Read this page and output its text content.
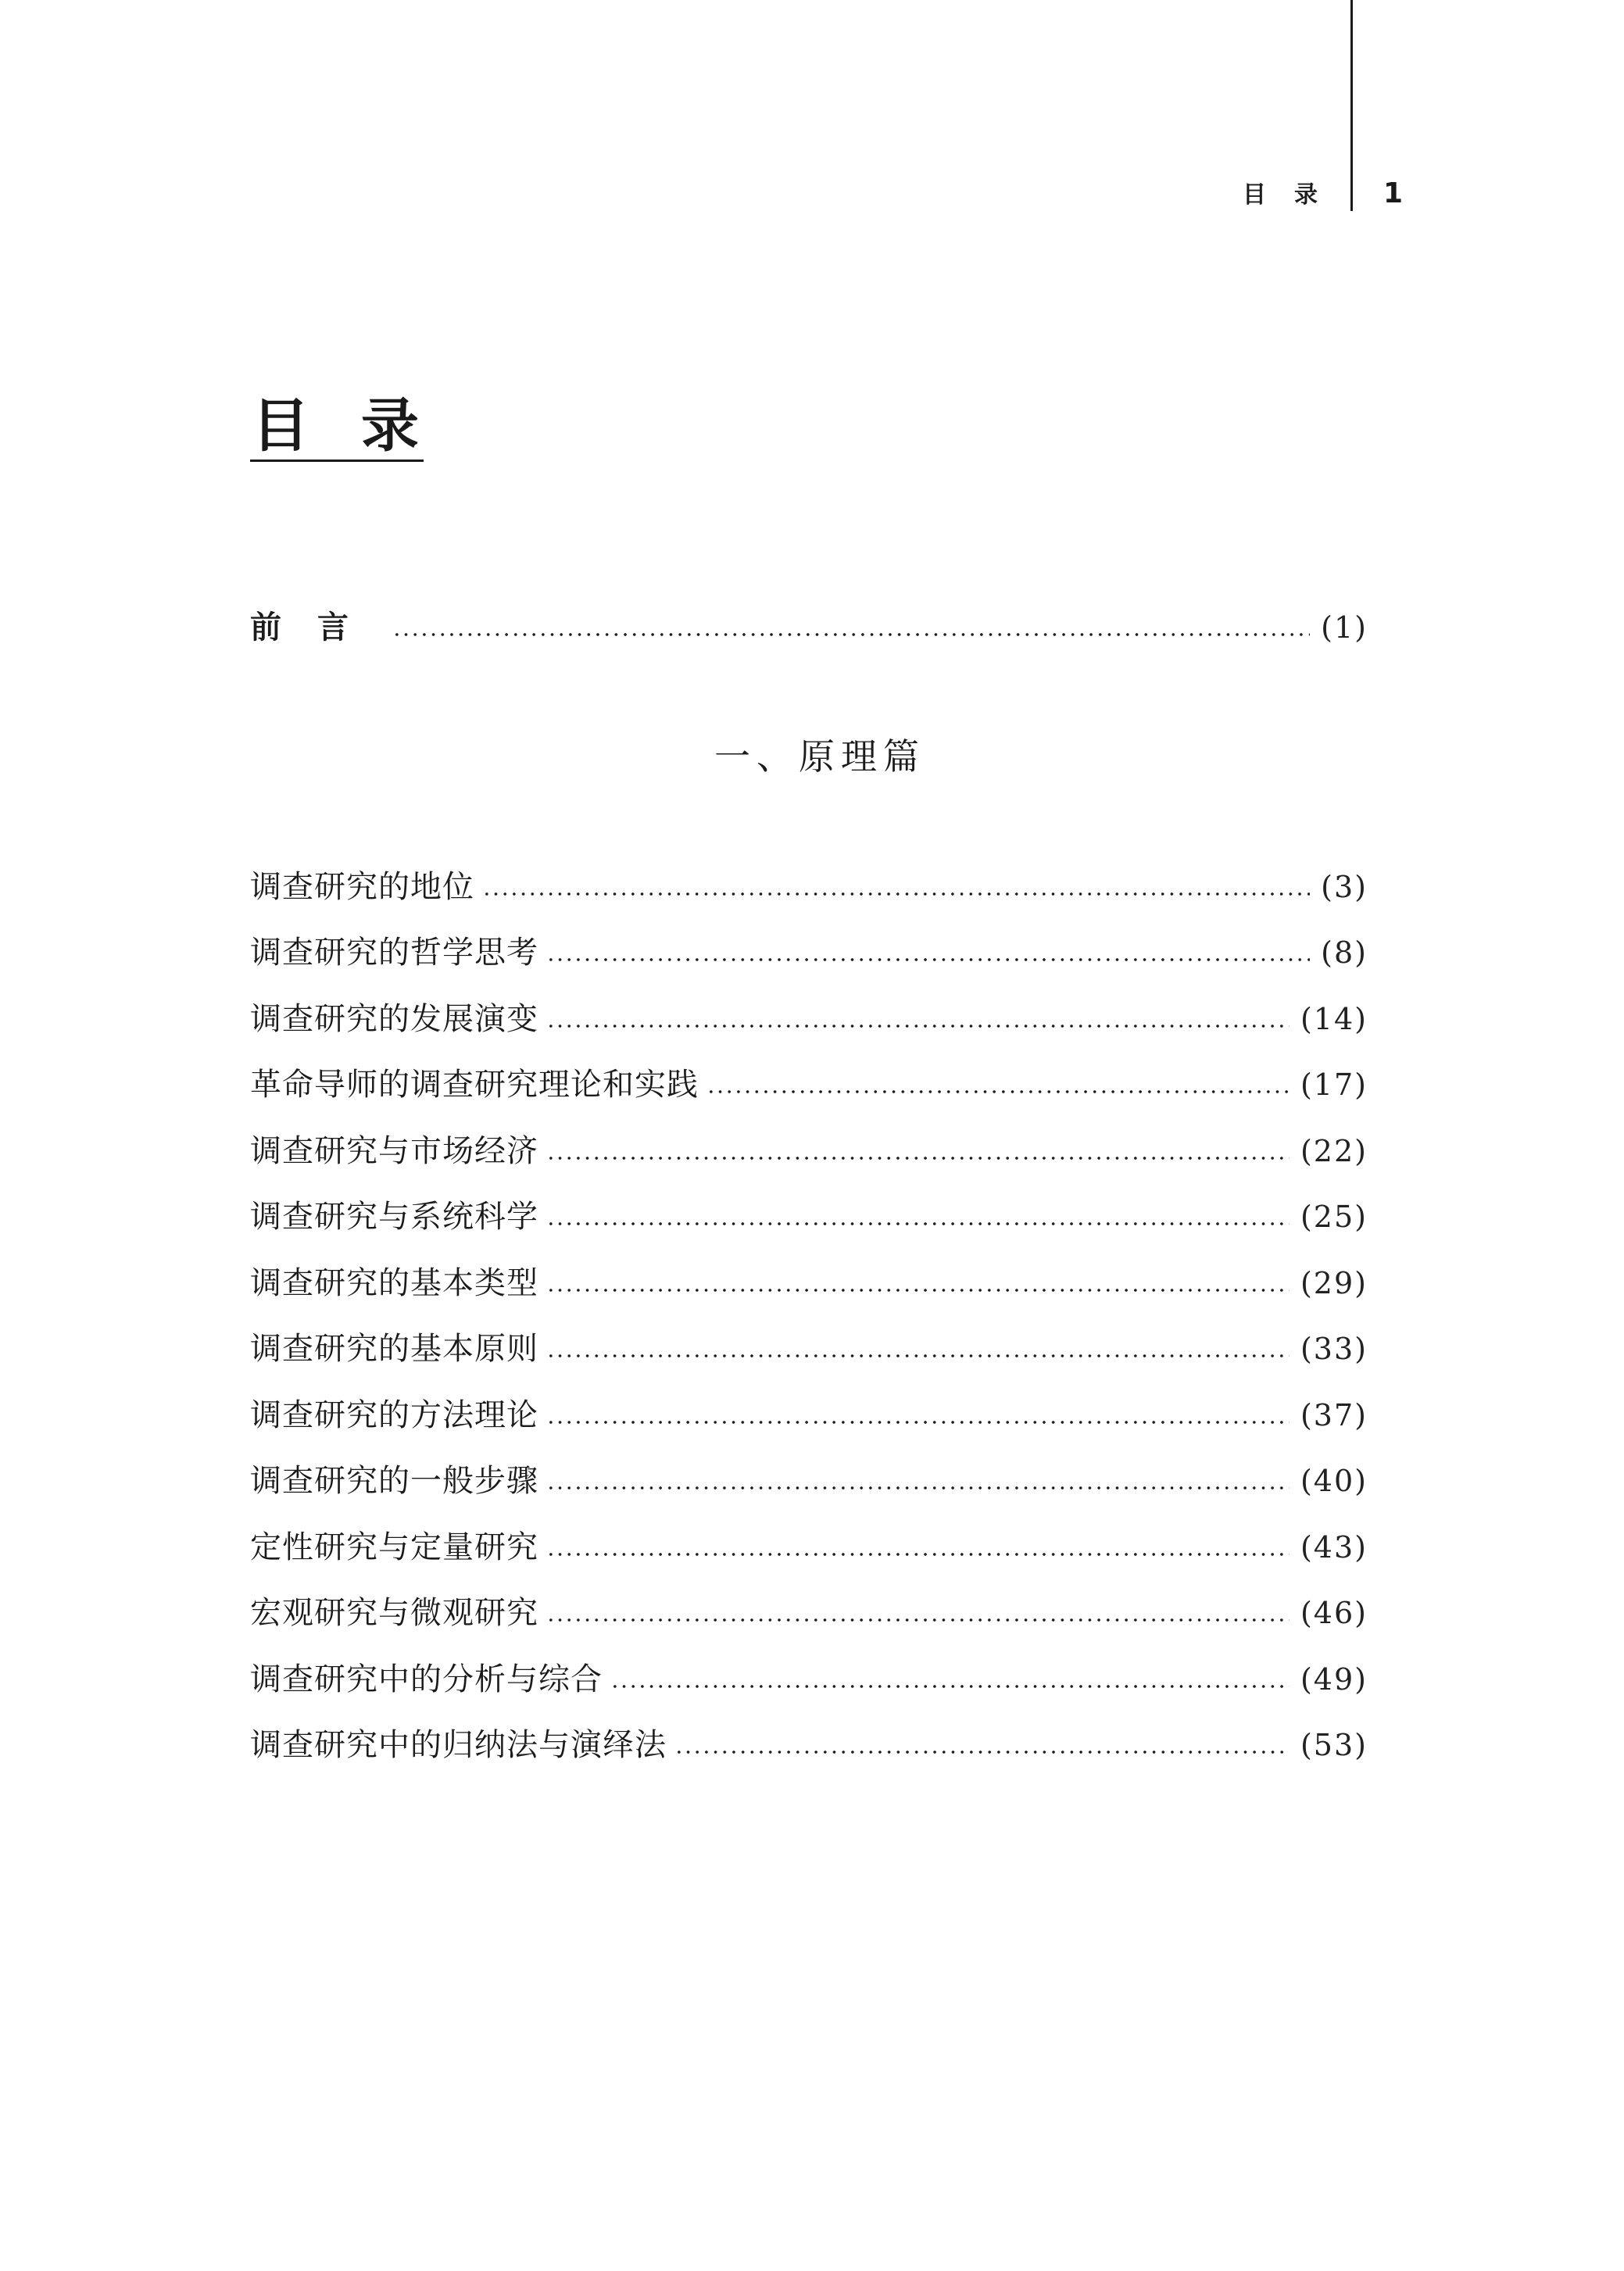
目录 1
目录
前言	(1)
一、原理篇
调查研究的地位	(3)
调查研究的哲学思考	(8)
调查研究的发展演变	(14)
革命导师的调查研究理论和实践	(17)
调查研究与市场经济	(22)
调查研究与系统科学	(25)
调查研究的基本类型	(29)
调查研究的基本原则	(33)
调查研究的方法理论	(37)
调查研究的一般步骤	(40)
定性研究与定量研究	(43)
宏观研究与微观研究	(46)
调查研究中的分析与综合	(49)
调查研究中的归纳法与演绎法	(53)
